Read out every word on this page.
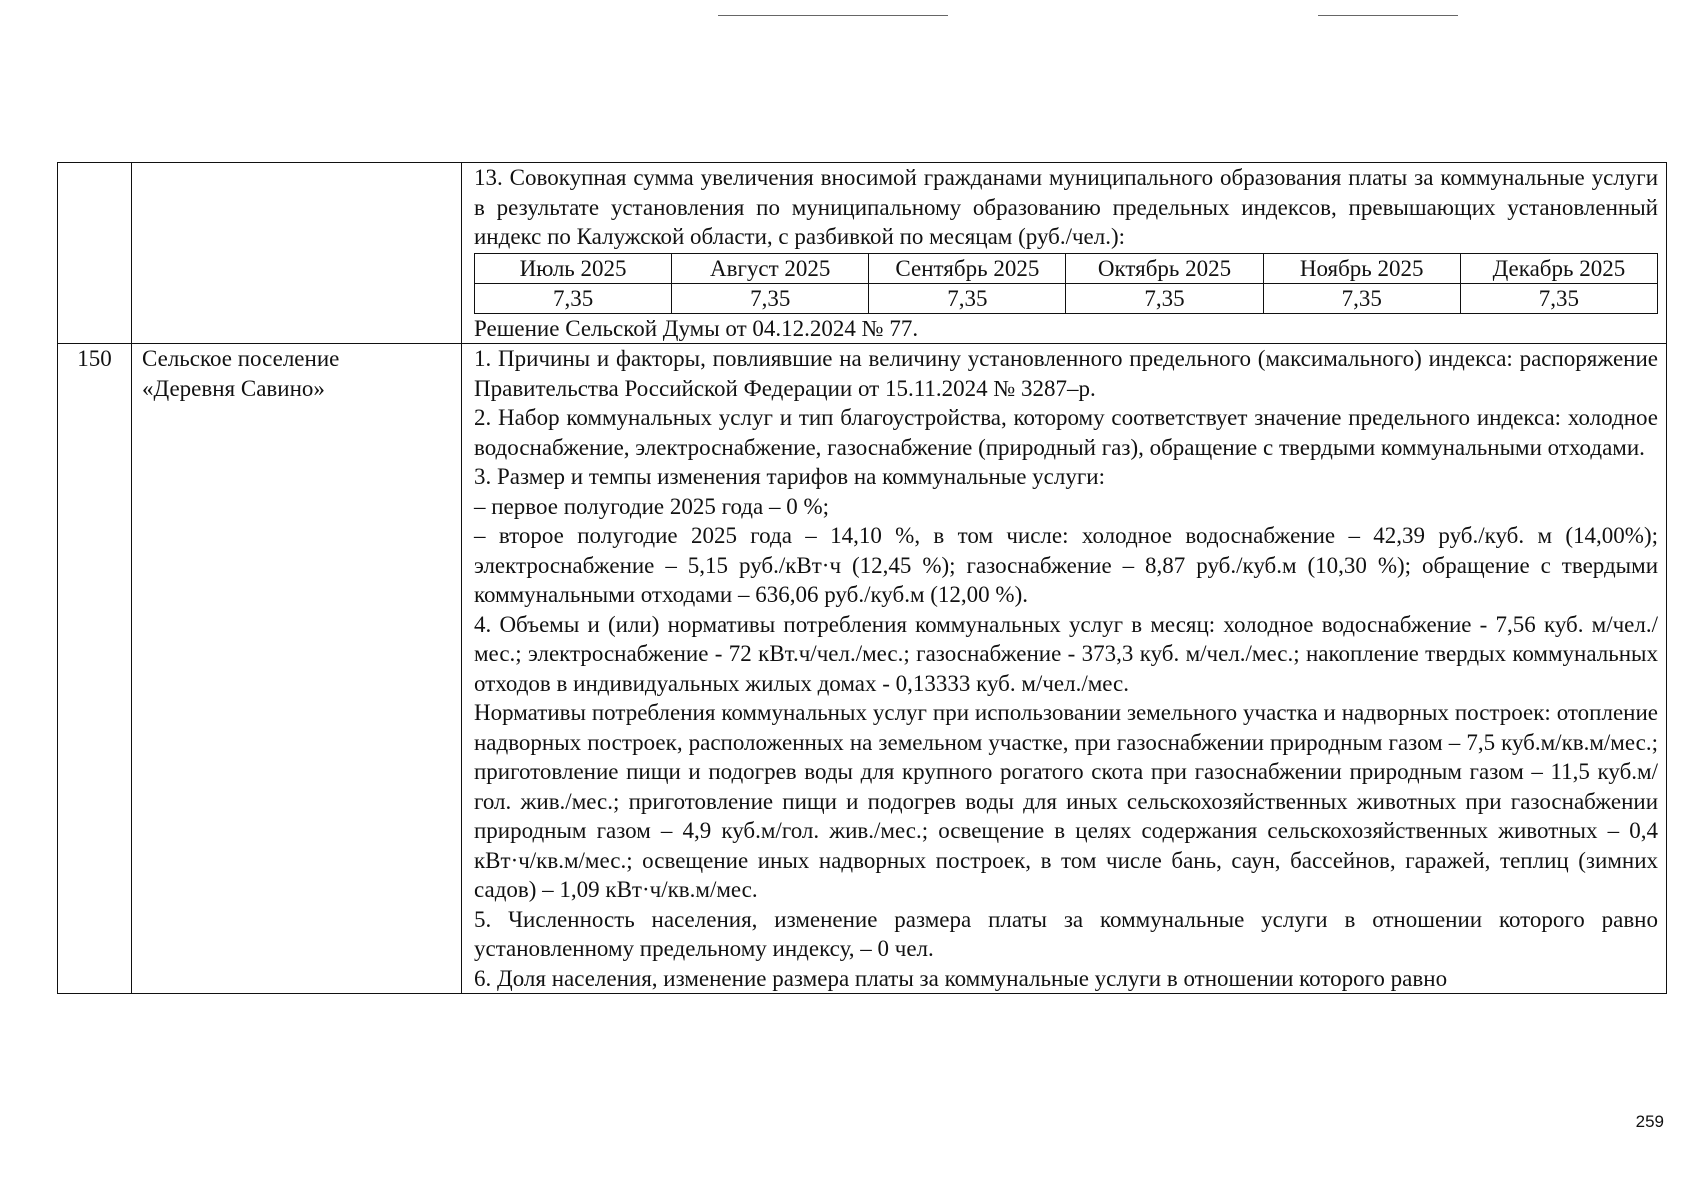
13. Совокупная сумма увеличения вносимой гражданами муниципального образования платы за коммунальные услуги в результате установления по муниципальному образованию предельных индексов, превышающих установленный индекс по Калужской области, с разбивкой по месяцам (руб./чел.):

Июль 2025	Август 2025	Сентябрь 2025	Октябрь 2025	Ноябрь 2025	Декабрь 2025
7,35	7,35	7,35	7,35	7,35	7,35

Решение Сельской Думы от 04.12.2024 № 77.

150	Сельское поселение
«Деревня Савино»

1. Причины и факторы, повлиявшие на величину установленного предельного (максимального) индекса: распоряжение Правительства Российской Федерации от 15.11.2024 № 3287–р.

2. Набор коммунальных услуг и тип благоустройства, которому соответствует значение предельного индекса: холодное водоснабжение, электроснабжение, газоснабжение (природный газ), обращение с твердыми коммунальными отходами.

3. Размер и темпы изменения тарифов на коммунальные услуги:

– первое полугодие 2025 года – 0 %;

– второе полугодие 2025 года – 14,10 %, в том числе: холодное водоснабжение – 42,39 руб./куб. м (14,00%); электроснабжение – 5,15 руб./кВт·ч (12,45 %); газоснабжение – 8,87 руб./куб.м (10,30 %); обращение с твердыми коммунальными отходами – 636,06 руб./куб.м (12,00 %).

4. Объемы и (или) нормативы потребления коммунальных услуг в месяц: холодное водоснабжение - 7,56 куб. м/чел./мес.; электроснабжение - 72 кВт.ч/чел./мес.; газоснабжение - 373,3 куб. м/чел./мес.; накопление твердых коммунальных отходов в индивидуальных жилых домах - 0,13333 куб. м/чел./мес.

Нормативы потребления коммунальных услуг при использовании земельного участка и надворных построек: отопление надворных построек, расположенных на земельном участке, при газоснабжении природным газом – 7,5 куб.м/кв.м/мес.; приготовление пищи и подогрев воды для крупного рогатого скота при газоснабжении природным газом – 11,5 куб.м/гол. жив./мес.; приготовление пищи и подогрев воды для иных сельскохозяйственных животных при газоснабжении природным газом – 4,9 куб.м/гол. жив./мес.; освещение в целях содержания сельскохозяйственных животных – 0,4 кВт·ч/кв.м/мес.; освещение иных надворных построек, в том числе бань, саун, бассейнов, гаражей, теплиц (зимних садов) – 1,09 кВт·ч/кв.м/мес.

5. Численность населения, изменение размера платы за коммунальные услуги в отношении которого равно установленному предельному индексу, – 0 чел.

6. Доля населения, изменение размера платы за коммунальные услуги в отношении которого равно

259
